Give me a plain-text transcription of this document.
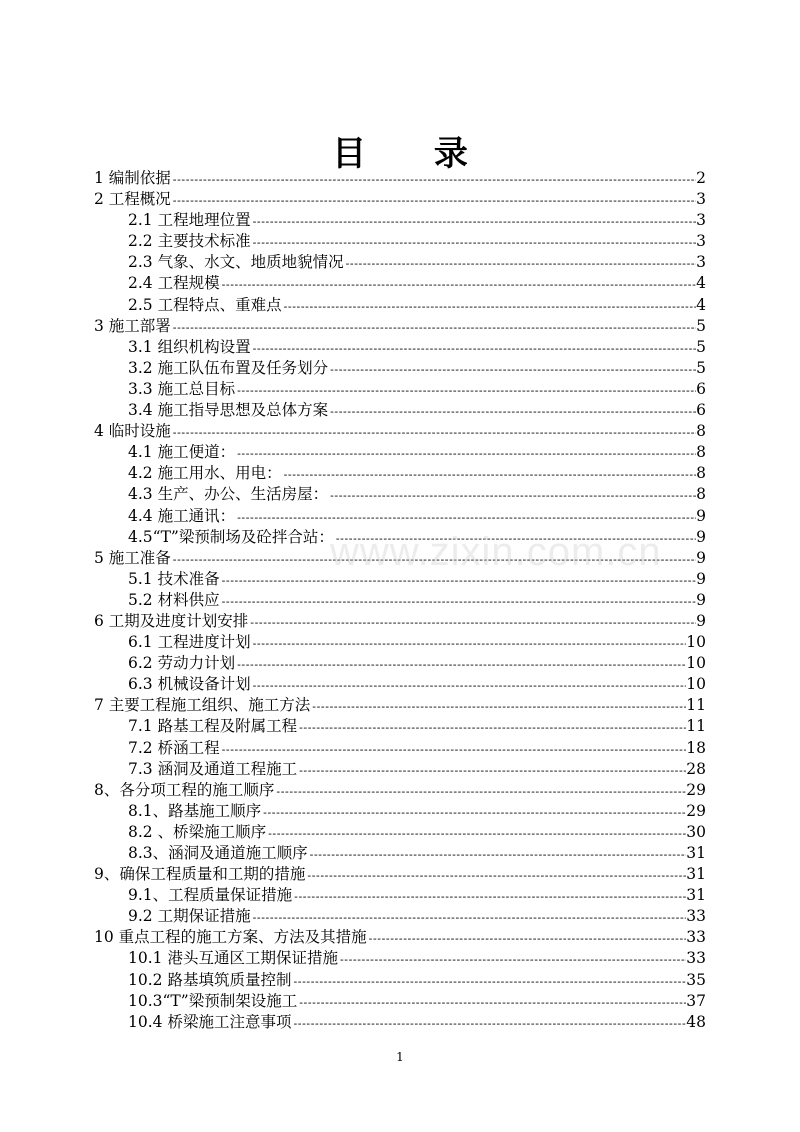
目 录
1 编制依据 -----	2
2 工程概况 -----	3
2.1 工程地理位置 -----	3
2.2 主要技术标准 -----	3
2.3 气象、水文、地质地貌情况 -----	3
2.4 工程规模 -----	4
2.5 工程特点、重难点 -----	4
3 施工部署 -----	5
3.1 组织机构设置 -----	5
3.2 施工队伍布置及任务划分 -----	5
3.3 施工总目标 -----	6
3.4 施工指导思想及总体方案 -----	6
4 临时设施 -----	8
4.1 施工便道： -----	8
4.2 施工用水、用电： -----	8
4.3 生产、办公、生活房屋： -----	8
4.4 施工通讯： -----	9
4.5“T”梁预制场及砼拌合站： -----	9
5 施工准备 -----	9
5.1 技术准备 -----	9
5.2 材料供应 -----	9
6 工期及进度计划安排 -----	9
6.1 工程进度计划 -----	10
6.2 劳动力计划 -----	10
6.3 机械设备计划 -----	10
7 主要工程施工组织、施工方法 -----	11
7.1 路基工程及附属工程 -----	11
7.2 桥涵工程 -----	18
7.3 涵洞及通道工程施工 -----	28
8、各分项工程的施工顺序 -----	29
8.1、路基施工顺序 -----	29
8.2 、桥梁施工顺序 -----	30
8.3、涵洞及通道施工顺序 -----	31
9、确保工程质量和工期的措施 -----	31
9.1、工程质量保证措施 -----	31
9.2 工期保证措施 -----	33
10 重点工程的施工方案、方法及其措施 -----	33
10.1 港头互通区工期保证措施 -----	33
10.2 路基填筑质量控制 -----	35
10.3“T”梁预制架设施工 -----	37
10.4 桥梁施工注意事项 -----	48
www.zixin.com.cn
1
